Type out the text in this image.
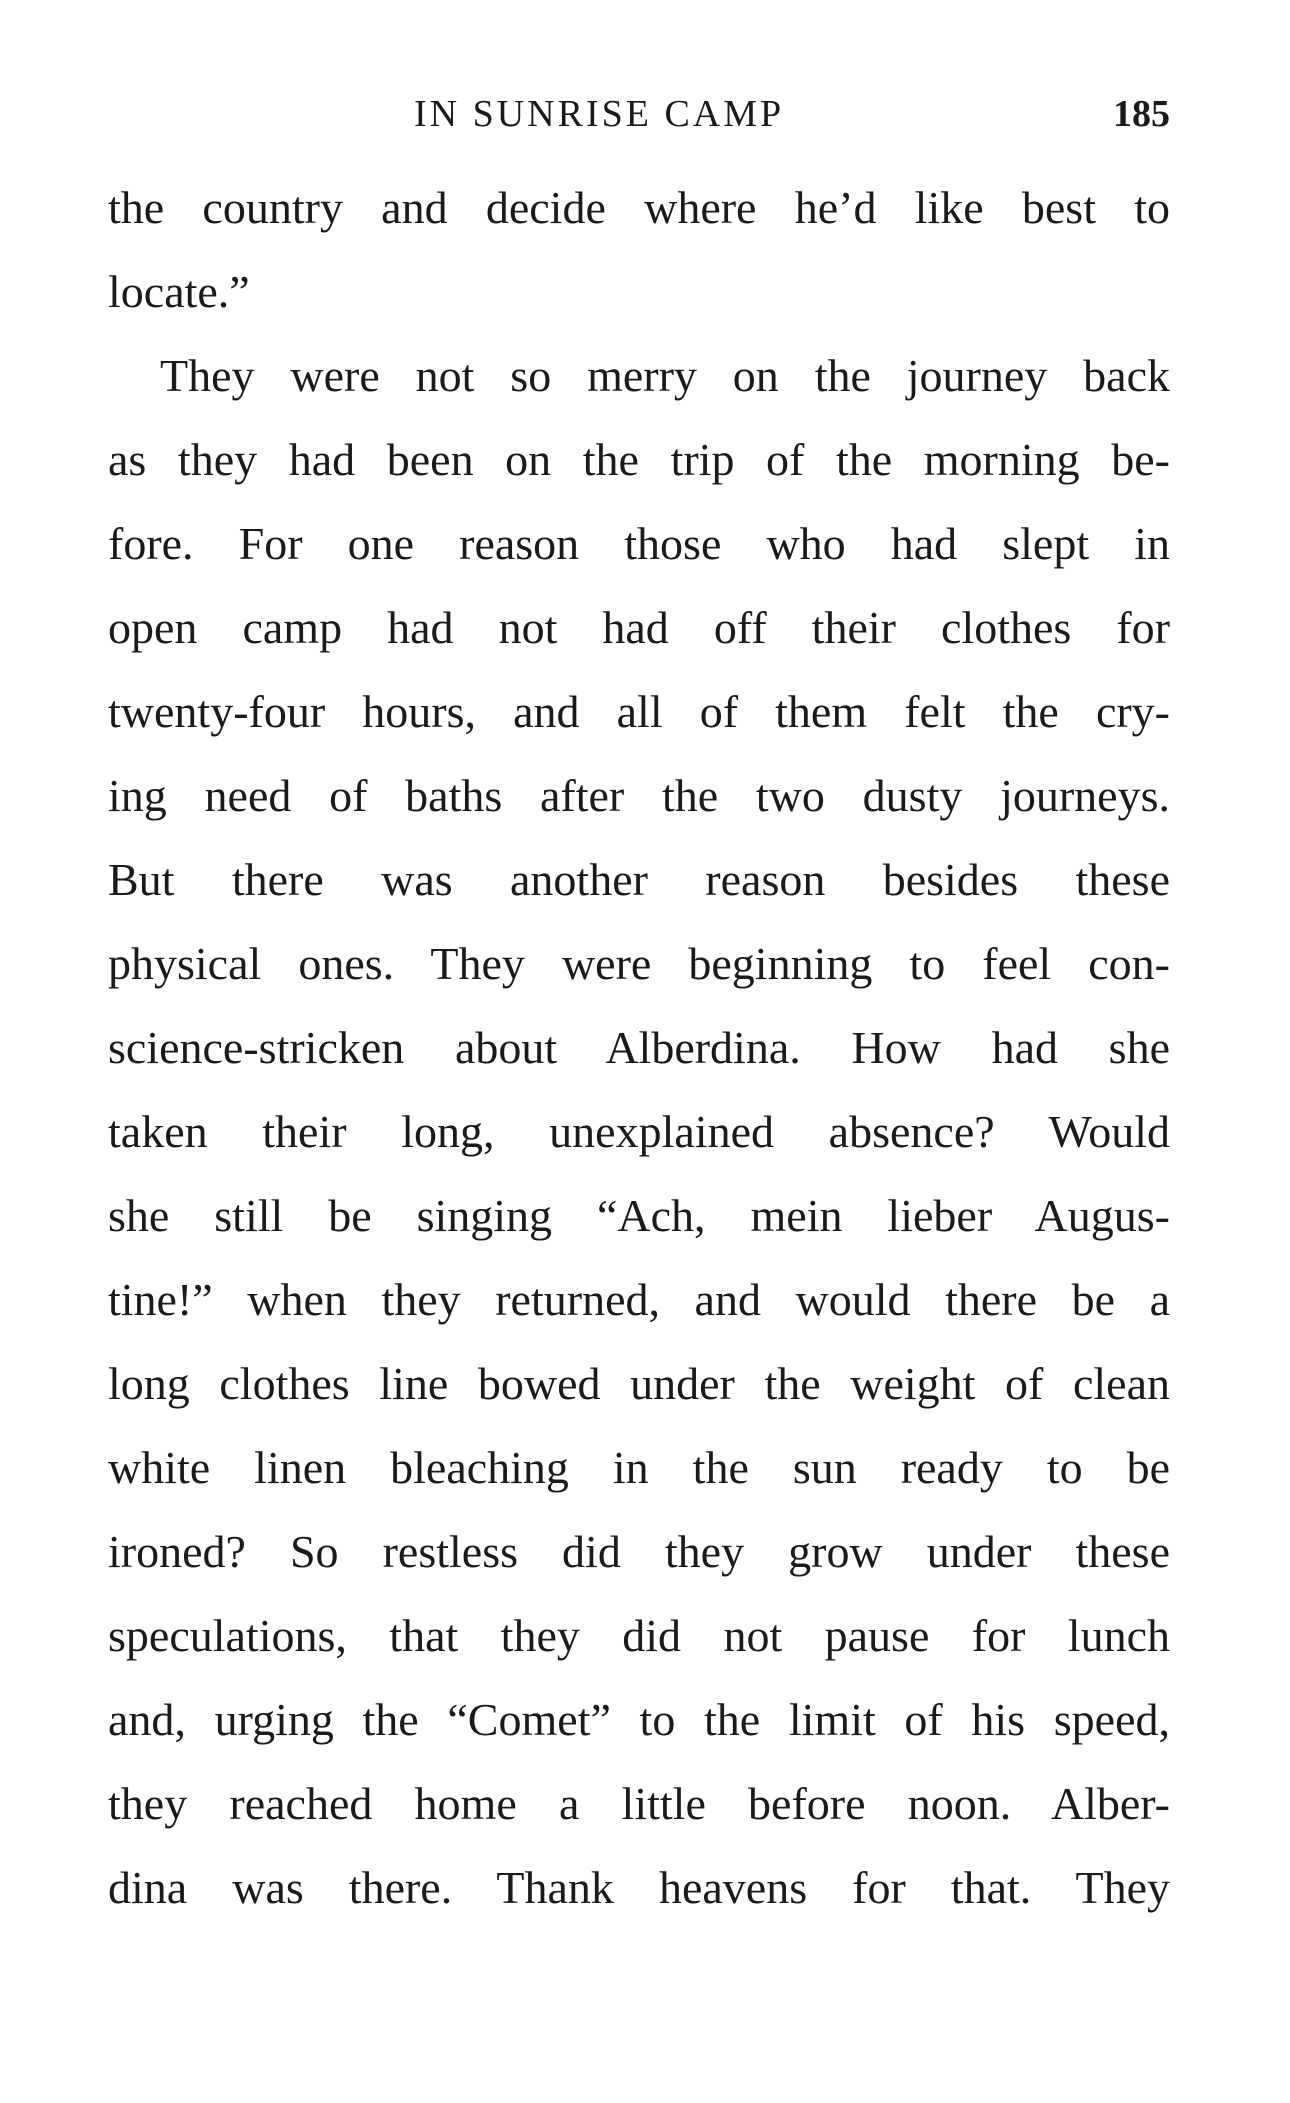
IN SUNRISE CAMP	185
the country and decide where he’d like best to
locate.”
They were not so merry on the journey back
as they had been on the trip of the morning be-
fore. For one reason those who had slept in
open camp had not had off their clothes for
twenty-four hours, and all of them felt the cry-
ing need of baths after the two dusty journeys.
But there was another reason besides these
physical ones. They were beginning to feel con-
science-stricken about Alberdina. How had she
taken their long, unexplained absence? Would
she still be singing “Ach, mein lieber Augus-
tine!” when they returned, and would there be a
long clothes line bowed under the weight of clean
white linen bleaching in the sun ready to be
ironed? So restless did they grow under these
speculations, that they did not pause for lunch
and, urging the “Comet” to the limit of his speed,
they reached home a little before noon. Alber-
dina was there. Thank heavens for that. They
